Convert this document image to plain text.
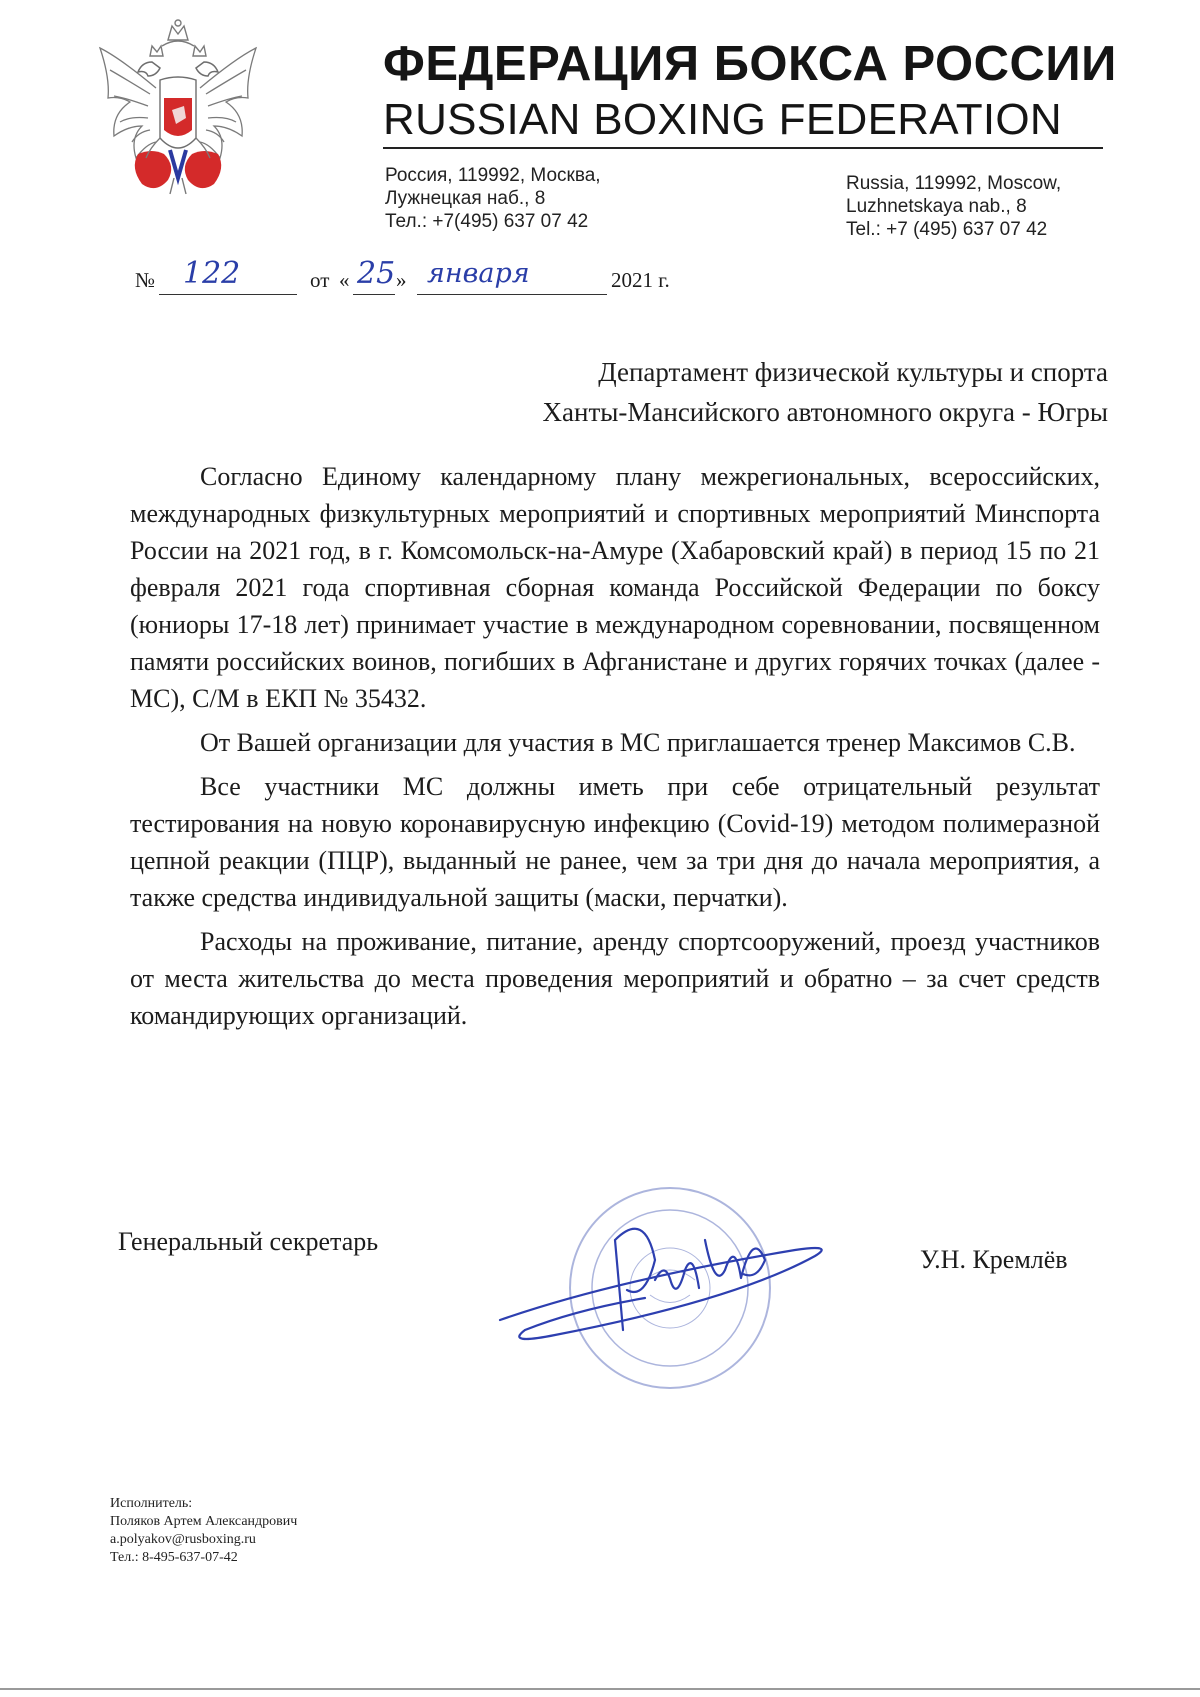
ФЕДЕРАЦИЯ БОКСА РОССИИ
RUSSIAN BOXING FEDERATION
Россия, 119992, Москва,
Лужнецкая наб., 8
Тел.: +7(495) 637 07 42
Russia, 119992, Moscow,
Luzhnetskaya nab., 8
Tel.: +7 (495) 637 07 42
№ 122	от « 25 » января	2021 г.
Департамент физической культуры и спорта
Ханты-Мансийского автономного округа - Югры

Согласно Единому календарному плану межрегиональных, всероссийских, международных физкультурных мероприятий и спортивных мероприятий Минспорта России на 2021 год, в г. Комсомольск-на-Амуре (Хабаровский край) в период 15 по 21 февраля 2021 года спортивная сборная команда Российской Федерации по боксу (юниоры 17-18 лет) принимает участие в международном соревновании, посвященном памяти российских воинов, погибших в Афганистане и других горячих точках (далее - МС), С/М в ЕКП № 35432.

От Вашей организации для участия в МС приглашается тренер Максимов С.В.

Все участники МС должны иметь при себе отрицательный результат тестирования на новую коронавирусную инфекцию (Covid-19) методом полимеразной цепной реакции (ПЦР), выданный не ранее, чем за три дня до начала мероприятия, а также средства индивидуальной защиты (маски, перчатки).

Расходы на проживание, питание, аренду спортсооружений, проезд участников от места жительства до места проведения мероприятий и обратно – за счет средств командирующих организаций.

Генеральный секретарь
У.Н. Кремлёв
Исполнитель:
Поляков Артем Александрович
a.polyakov@rusboxing.ru
Тел.: 8-495-637-07-42
